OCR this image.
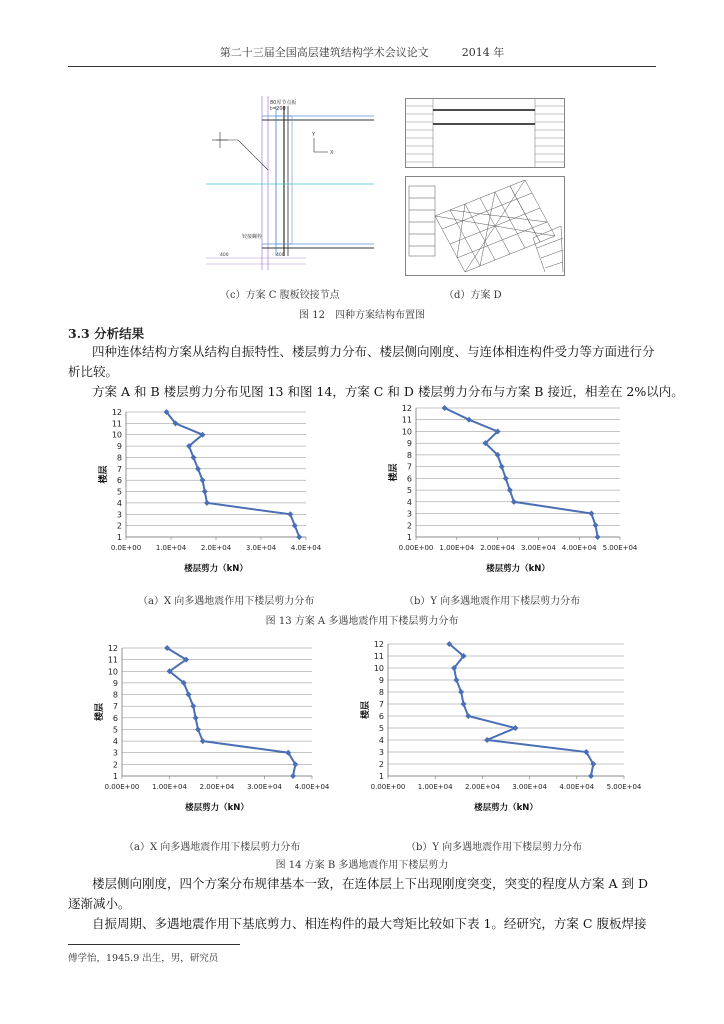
第二十三届全国高层建筑结构学术会议论文　　　2014 年
X
Y
80厚节点板
t=200
铰接螺栓
400	400
（c）方案 C 腹板铰接节点	（d）方案 D
图 12　四种方案结构布置图
3.3 分析结果
四种连体结构方案从结构自振特性、楼层剪力分布、楼层侧向刚度、与连体相连构件受力等方面进行分析比较。
方案 A 和 B 楼层剪力分布见图 13 和图 14，方案 C 和 D 楼层剪力分布与方案 B 接近，相差在 2%以内。
1
2
3
4
5
6
7
8
9
10
11
12
0.0E+00 1.0E+04 2.0E+04 3.0E+04 4.0E+04
楼层剪力（kN）
楼层
1
2
3
4
5
6
7
8
9
10
11
12
0.00E+00 1.00E+04 2.00E+04 3.00E+04 4.00E+04 5.00E+04
楼层剪力（kN）
楼层
（a）X 向多遇地震作用下楼层剪力分布	（b）Y 向多遇地震作用下楼层剪力分布
图 13 方案 A 多遇地震作用下楼层剪力分布
1
2
3
4
5
6
7
8
9
10
11
12
0.00E+00 1.00E+04 2.00E+04 3.00E+04 4.00E+04
楼层剪力（kN）
楼层
1
2
3
4
5
6
7
8
9
10
11
12
0.00E+00 1.00E+04 2.00E+04 3.00E+04 4.00E+04 5.00E+04
楼层剪力（kN）
楼层
（a）X 向多遇地震作用下楼层剪力分布	（b）Y 向多遇地震作用下楼层剪力分布
图 14 方案 B 多遇地震作用下楼层剪力
楼层侧向刚度，四个方案分布规律基本一致，在连体层上下出现刚度突变，突变的程度从方案 A 到 D 逐渐减小。
自振周期、多遇地震作用下基底剪力、相连构件的最大弯矩比较如下表 1。经研究，方案 C 腹板焊接
傅学怡，1945.9 出生，男，研究员
